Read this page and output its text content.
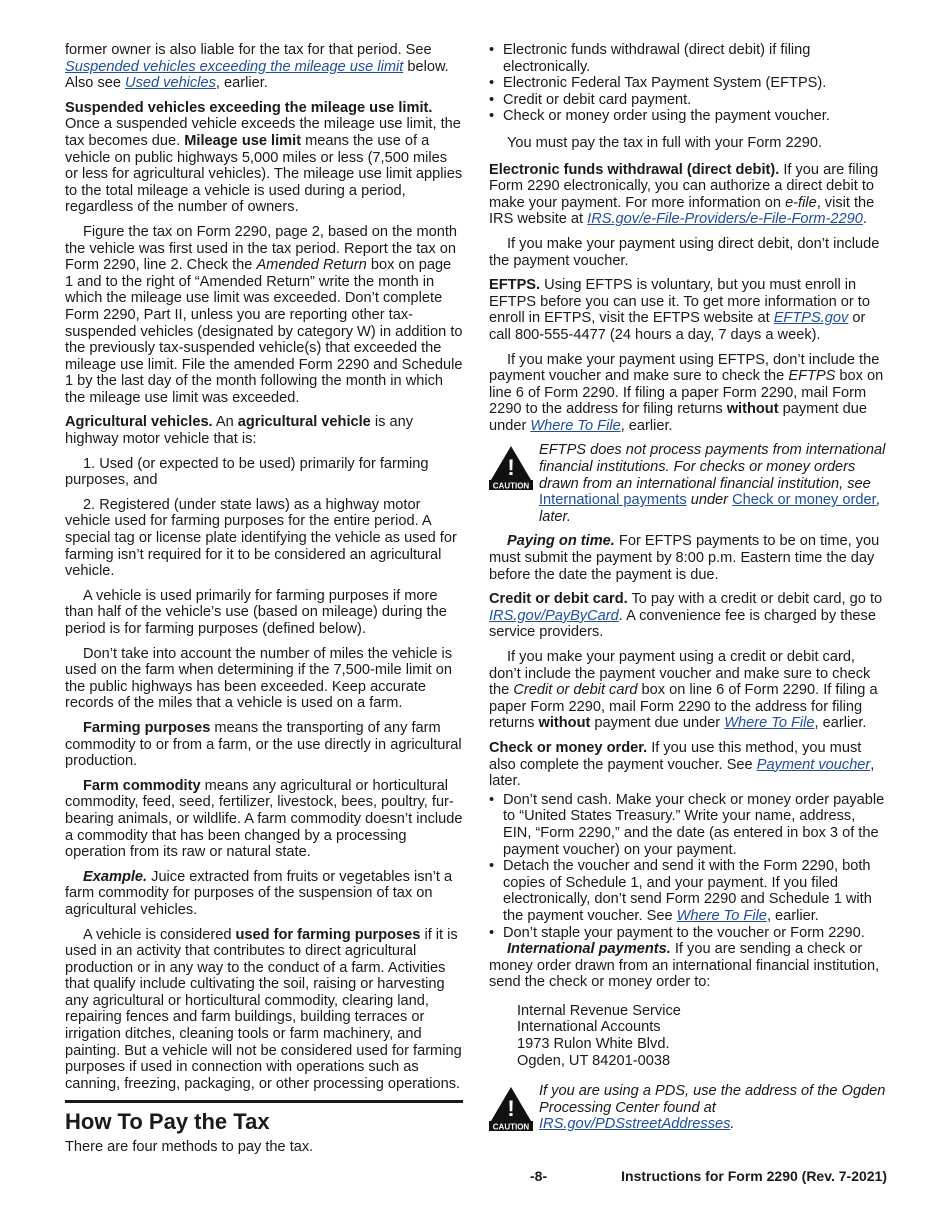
former owner is also liable for the tax for that period. See Suspended vehicles exceeding the mileage use limit below. Also see Used vehicles, earlier.

Suspended vehicles exceeding the mileage use limit. Once a suspended vehicle exceeds the mileage use limit, the tax becomes due. Mileage use limit means the use of a vehicle on public highways 5,000 miles or less (7,500 miles or less for agricultural vehicles). The mileage use limit applies to the total mileage a vehicle is used during a period, regardless of the number of owners.

Figure the tax on Form 2290, page 2, based on the month the vehicle was first used in the tax period. Report the tax on Form 2290, line 2. Check the Amended Return box on page 1 and to the right of “Amended Return” write the month in which the mileage use limit was exceeded. Don’t complete Form 2290, Part II, unless you are reporting other tax-suspended vehicles (designated by category W) in addition to the previously tax-suspended vehicle(s) that exceeded the mileage use limit. File the amended Form 2290 and Schedule 1 by the last day of the month following the month in which the mileage use limit was exceeded.

Agricultural vehicles. An agricultural vehicle is any highway motor vehicle that is:

1. Used (or expected to be used) primarily for farming purposes, and

2. Registered (under state laws) as a highway motor vehicle used for farming purposes for the entire period. A special tag or license plate identifying the vehicle as used for farming isn’t required for it to be considered an agricultural vehicle.

A vehicle is used primarily for farming purposes if more than half of the vehicle’s use (based on mileage) during the period is for farming purposes (defined below).

Don’t take into account the number of miles the vehicle is used on the farm when determining if the 7,500-mile limit on the public highways has been exceeded. Keep accurate records of the miles that a vehicle is used on a farm.

Farming purposes means the transporting of any farm commodity to or from a farm, or the use directly in agricultural production.

Farm commodity means any agricultural or horticultural commodity, feed, seed, fertilizer, livestock, bees, poultry, fur-bearing animals, or wildlife. A farm commodity doesn’t include a commodity that has been changed by a processing operation from its raw or natural state.

Example. Juice extracted from fruits or vegetables isn’t a farm commodity for purposes of the suspension of tax on agricultural vehicles.

A vehicle is considered used for farming purposes if it is used in an activity that contributes to direct agricultural production or in any way to the conduct of a farm. Activities that qualify include cultivating the soil, raising or harvesting any agricultural or horticultural commodity, clearing land, repairing fences and farm buildings, building terraces or irrigation ditches, cleaning tools or farm machinery, and painting. But a vehicle will not be considered used for farming purposes if used in connection with operations such as canning, freezing, packaging, or other processing operations.

How To Pay the Tax

There are four methods to pay the tax.

• Electronic funds withdrawal (direct debit) if filing electronically.

• Electronic Federal Tax Payment System (EFTPS).

• Credit or debit card payment.

• Check or money order using the payment voucher.

You must pay the tax in full with your Form 2290.

Electronic funds withdrawal (direct debit). If you are filing Form 2290 electronically, you can authorize a direct debit to make your payment. For more information on e-file, visit the IRS website at IRS.gov/e-File-Providers/e-File-Form-2290.

If you make your payment using direct debit, don’t include the payment voucher.

EFTPS. Using EFTPS is voluntary, but you must enroll in EFTPS before you can use it. To get more information or to enroll in EFTPS, visit the EFTPS website at EFTPS.gov or call 800-555-4477 (24 hours a day, 7 days a week).

If you make your payment using EFTPS, don’t include the payment voucher and make sure to check the EFTPS box on line 6 of Form 2290. If filing a paper Form 2290, mail Form 2290 to the address for filing returns without payment due under Where To File, earlier.

!
CAUTION
EFTPS does not process payments from international financial institutions. For checks or money orders drawn from an international financial institution, see International payments under Check or money order, later.

Paying on time. For EFTPS payments to be on time, you must submit the payment by 8:00 p.m. Eastern time the day before the date the payment is due.

Credit or debit card. To pay with a credit or debit card, go to IRS.gov/PayByCard. A convenience fee is charged by these service providers.

If you make your payment using a credit or debit card, don’t include the payment voucher and make sure to check the Credit or debit card box on line 6 of Form 2290. If filing a paper Form 2290, mail Form 2290 to the address for filing returns without payment due under Where To File, earlier.

Check or money order. If you use this method, you must also complete the payment voucher. See Payment voucher, later.

• Don’t send cash. Make your check or money order payable to “United States Treasury.” Write your name, address, EIN, “Form 2290,” and the date (as entered in box 3 of the payment voucher) on your payment.

• Detach the voucher and send it with the Form 2290, both copies of Schedule 1, and your payment. If you filed electronically, don’t send Form 2290 and Schedule 1 with the payment voucher. See Where To File, earlier.

• Don’t staple your payment to the voucher or Form 2290.

International payments. If you are sending a check or money order drawn from an international financial institution, send the check or money order to:

Internal Revenue Service
International Accounts
1973 Rulon White Blvd.
Ogden, UT 84201-0038
!
CAUTION
If you are using a PDS, use the address of the Ogden Processing Center found at IRS.gov/PDSstreetAddresses.
-8-	Instructions for Form 2290 (Rev. 7-2021)
